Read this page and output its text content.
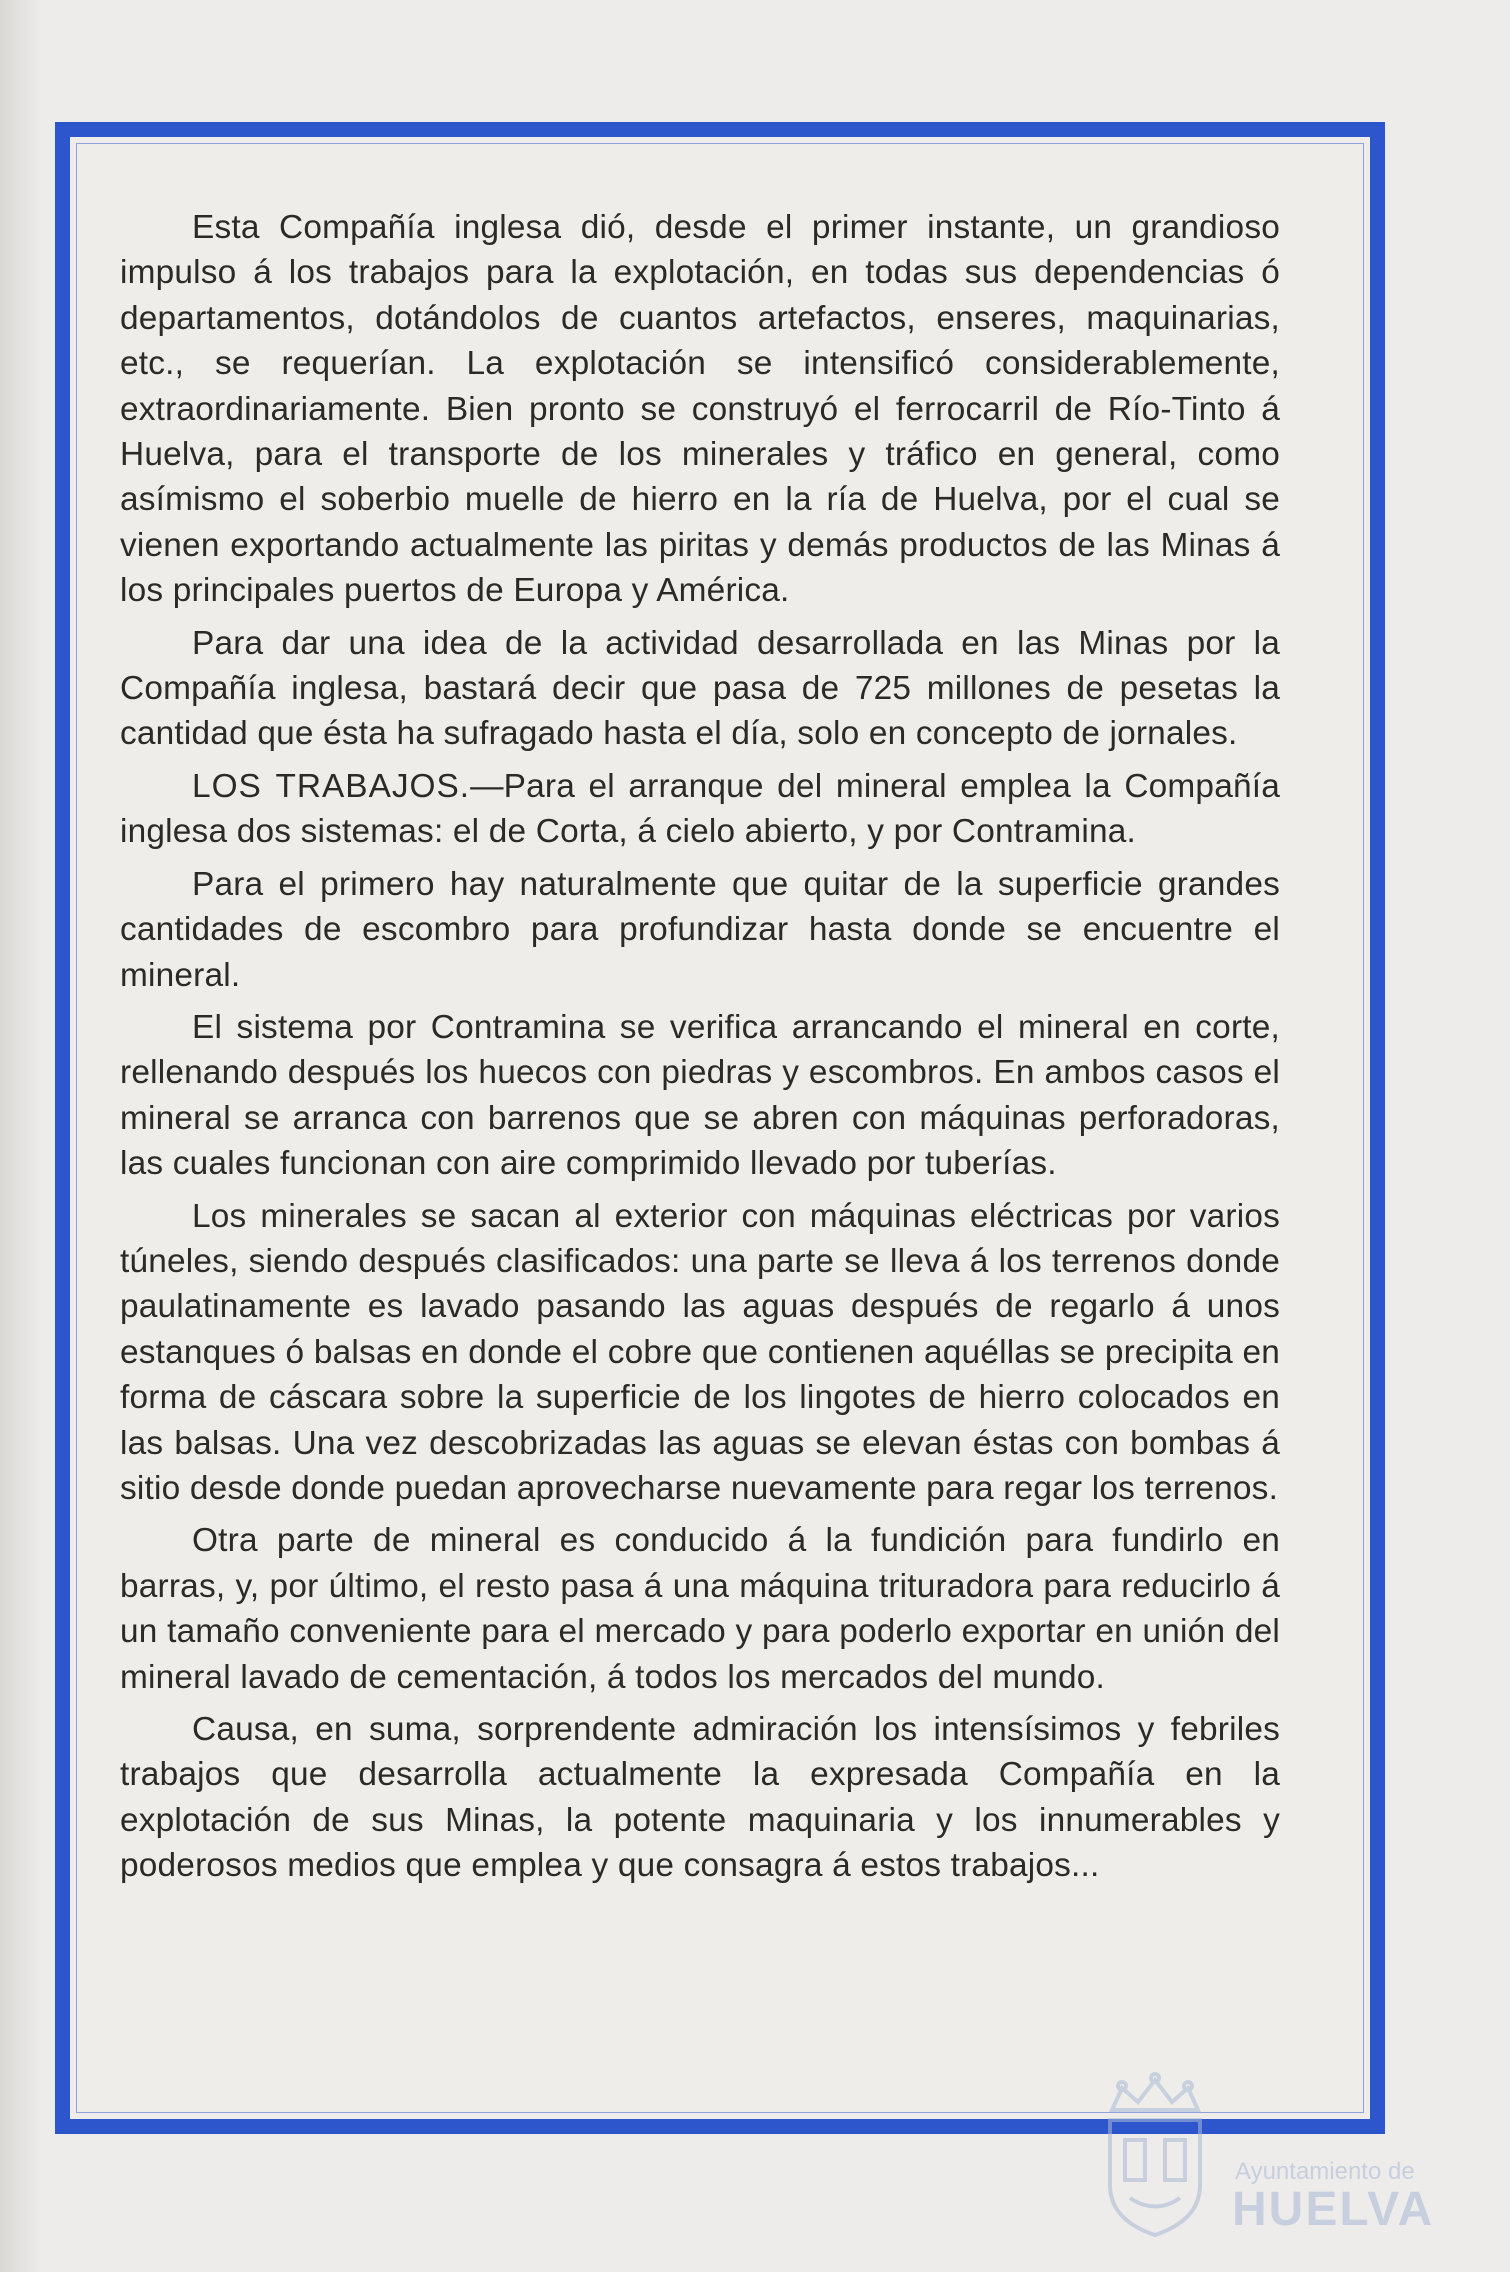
Esta Compañía inglesa dió, desde el primer instante, un grandioso impulso á los trabajos para la explotación, en todas sus dependencias ó departamentos, dotándolos de cuantos artefactos, enseres, maquinarias, etc., se requerían. La explotación se intensificó considerablemente, extraordinariamente. Bien pronto se construyó el ferrocarril de Río-Tinto á Huelva, para el transporte de los minerales y tráfico en general, como asímismo el soberbio muelle de hierro en la ría de Huelva, por el cual se vienen exportando actualmente las piritas y demás productos de las Minas á los principales puertos de Europa y América.

Para dar una idea de la actividad desarrollada en las Minas por la Compañía inglesa, bastará decir que pasa de 725 millones de pesetas la cantidad que ésta ha sufragado hasta el día, solo en concepto de jornales.

LOS TRABAJOS.—Para el arranque del mineral emplea la Compañía inglesa dos sistemas: el de Corta, á cielo abierto, y por Contramina.

Para el primero hay naturalmente que quitar de la superficie grandes cantidades de escombro para profundizar hasta donde se encuentre el mineral.

El sistema por Contramina se verifica arrancando el mineral en corte, rellenando después los huecos con piedras y escombros. En ambos casos el mineral se arranca con barrenos que se abren con máquinas perforadoras, las cuales funcionan con aire comprimido llevado por tuberías.

Los minerales se sacan al exterior con máquinas eléctricas por varios túneles, siendo después clasificados: una parte se lleva á los terrenos donde paulatinamente es lavado pasando las aguas después de regarlo á unos estanques ó balsas en donde el cobre que contienen aquéllas se precipita en forma de cáscara sobre la superficie de los lingotes de hierro colocados en las balsas. Una vez descobrizadas las aguas se elevan éstas con bombas á sitio desde donde puedan aprovecharse nuevamente para regar los terrenos.

Otra parte de mineral es conducido á la fundición para fundirlo en barras, y, por último, el resto pasa á una máquina trituradora para reducirlo á un tamaño conveniente para el mercado y para poderlo exportar en unión del mineral lavado de cementación, á todos los mercados del mundo.

Causa, en suma, sorprendente admiración los intensísimos y febriles trabajos que desarrolla actualmente la expresada Compañía en la explotación de sus Minas, la potente maquinaria y los innumerables y poderosos medios que emplea y que consagra á estos trabajos...

Ayuntamiento de
HUELVA
